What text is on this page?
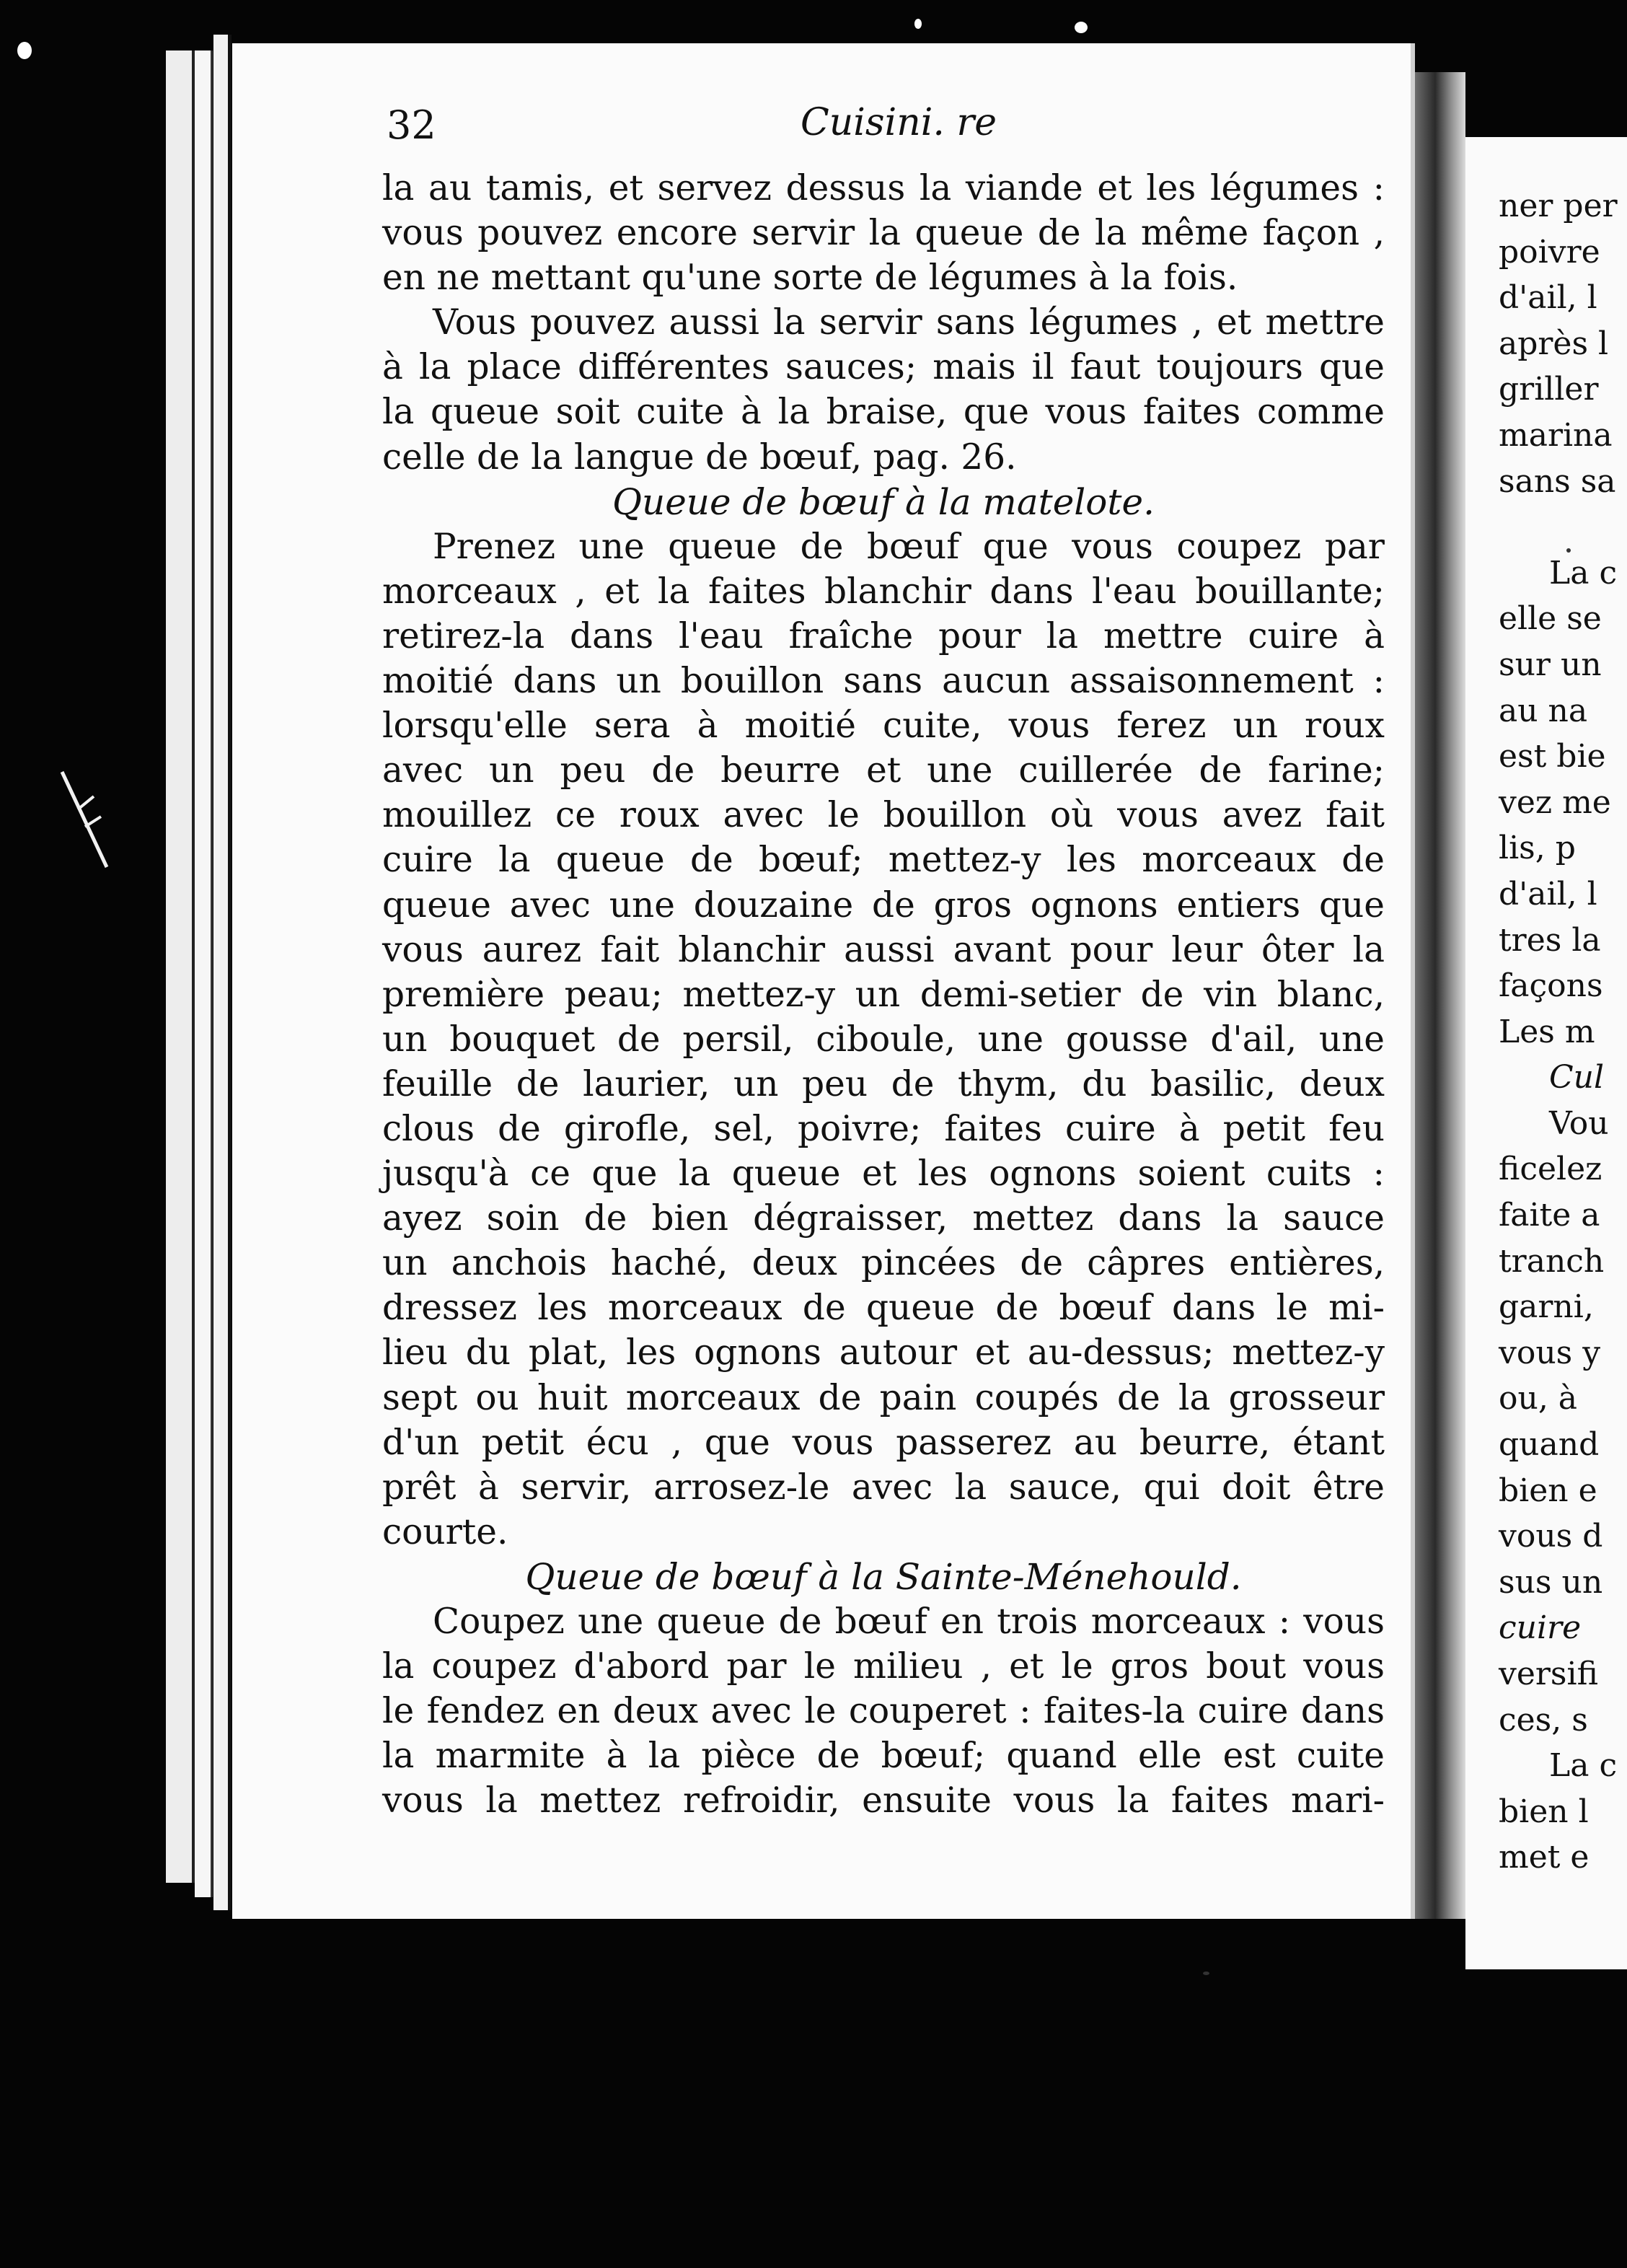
32	Cuisini. re
la au tamis, et servez dessus la viande et les légumes :
vous pouvez encore servir la queue de la même façon ,
en ne mettant qu'une sorte de légumes à la fois.
Vous pouvez aussi la servir sans légumes , et mettre
à la place différentes sauces; mais il faut toujours que
la queue soit cuite à la braise, que vous faites comme
celle de la langue de bœuf, pag. 26.
Queue de bœuf à la matelote.
Prenez une queue de bœuf que vous coupez par
morceaux , et la faites blanchir dans l'eau bouillante;
retirez-la dans l'eau fraîche pour la mettre cuire à
moitié dans un bouillon sans aucun assaisonnement :
lorsqu'elle sera à moitié cuite, vous ferez un roux
avec un peu de beurre et une cuillerée de farine;
mouillez ce roux avec le bouillon où vous avez fait
cuire la queue de bœuf; mettez-y les morceaux de
queue avec une douzaine de gros ognons entiers que
vous aurez fait blanchir aussi avant pour leur ôter la
première peau; mettez-y un demi-setier de vin blanc,
un bouquet de persil, ciboule, une gousse d'ail, une
feuille de laurier, un peu de thym, du basilic, deux
clous de girofle, sel, poivre; faites cuire à petit feu
jusqu'à ce que la queue et les ognons soient cuits :
ayez soin de bien dégraisser, mettez dans la sauce
un anchois haché, deux pincées de câpres entières,
dressez les morceaux de queue de bœuf dans le mi-
lieu du plat, les ognons autour et au-dessus; mettez-y
sept ou huit morceaux de pain coupés de la grosseur
d'un petit écu , que vous passerez au beurre, étant
prêt à servir, arrosez-le avec la sauce, qui doit être
courte.
Queue de bœuf à la Sainte-Ménehould.
Coupez une queue de bœuf en trois morceaux : vous
la coupez d'abord par le milieu , et le gros bout vous
le fendez en deux avec le couperet : faites-la cuire dans
la marmite à la pièce de bœuf; quand elle est cuite
vous la mettez refroidir, ensuite vous la faites mari-
ner per
poivre
d'ail, l
après l
griller
marina
sans sa
La c
elle se
sur un
au na
est bie
vez me
lis, p
d'ail, l
tres la
façons
Les m
Cul
Vou
ficelez
faite a
tranch
garni,
vous y
ou, à
quand
bien e
vous d
sus un
cuire
versifi
ces, s
La c
bien l
met e
